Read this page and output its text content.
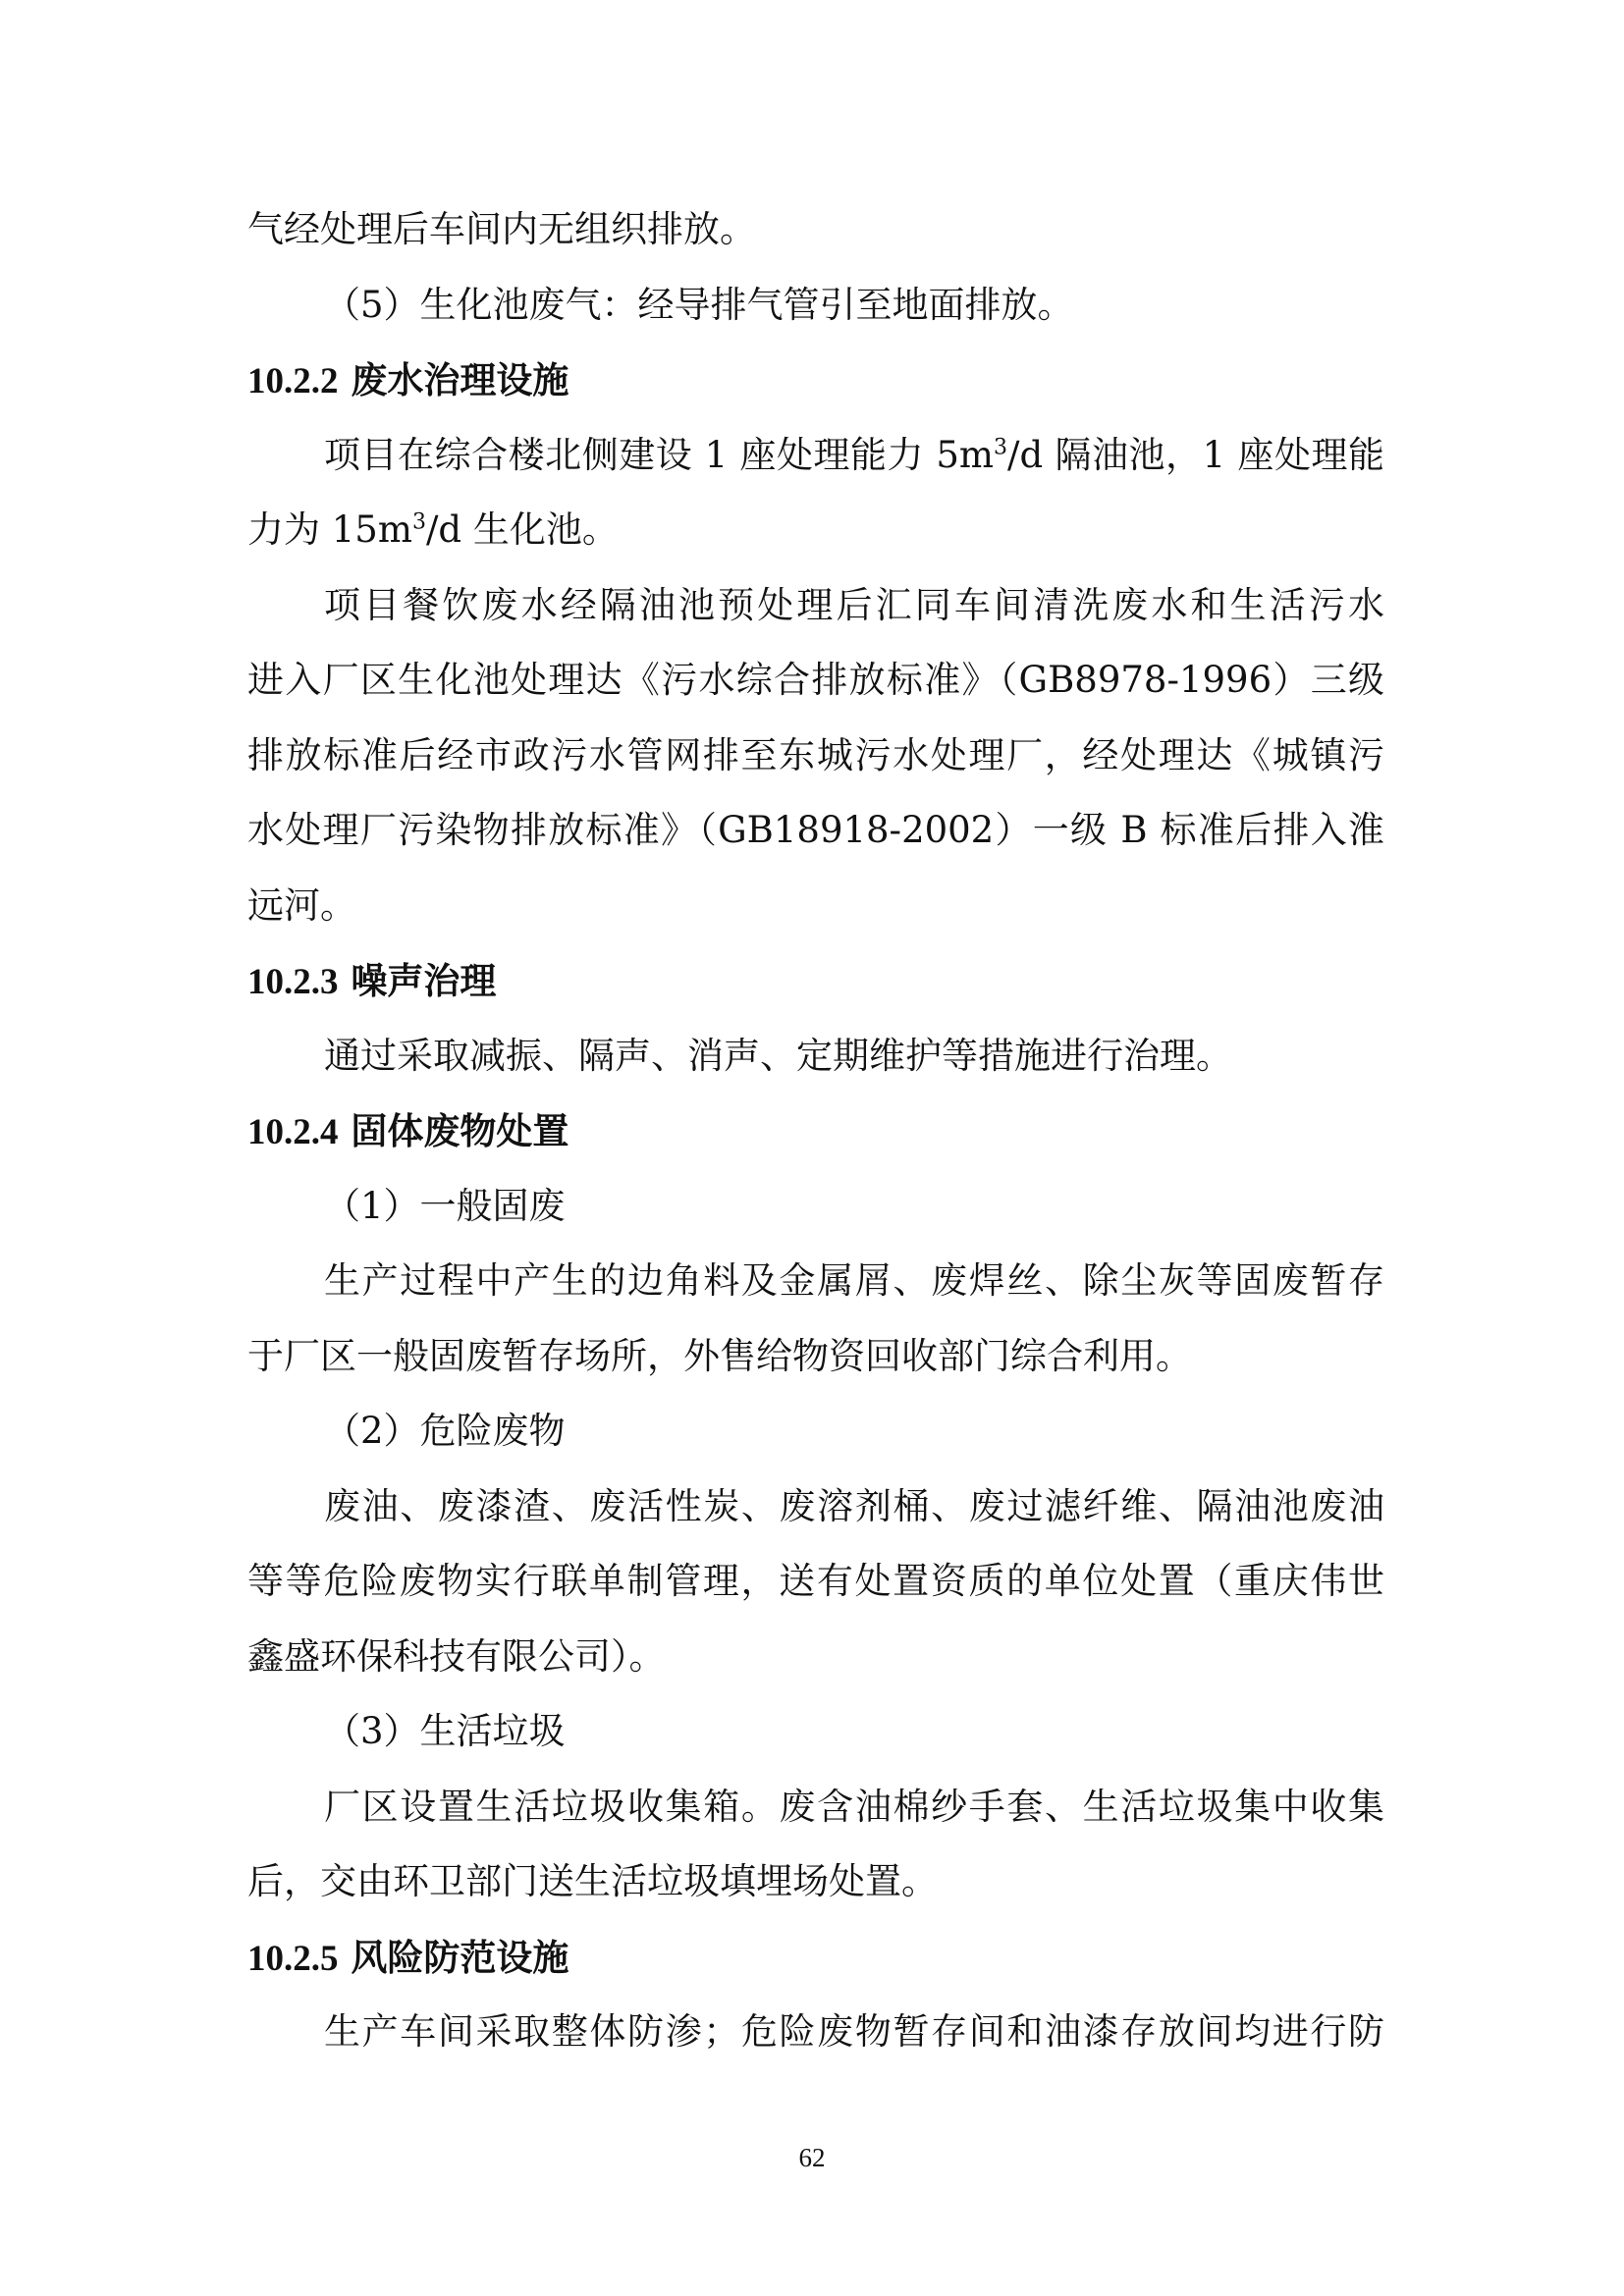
气经处理后车间内无组织排放。
（5）生化池废气：经导排气管引至地面排放。
10.2.2 废水治理设施
项目在综合楼北侧建设 1 座处理能力 $5m^3/d$ 隔油池，1 座处理能
力为 $15m^3/d$ 生化池。
项目餐饮废水经隔油池预处理后汇同车间清洗废水和生活污水
进入厂区生化池处理达《污水综合排放标准》（GB8978-1996）三级
排放标准后经市政污水管网排至东城污水处理厂，经处理达《城镇污
水处理厂污染物排放标准》（GB18918-2002）一级 B 标准后排入淮
远河。
10.2.3 噪声治理
通过采取减振、隔声、消声、定期维护等措施进行治理。
10.2.4 固体废物处置
（1）一般固废
生产过程中产生的边角料及金属屑、废焊丝、除尘灰等固废暂存
于厂区一般固废暂存场所，外售给物资回收部门综合利用。
（2）危险废物
废油、废漆渣、废活性炭、废溶剂桶、废过滤纤维、隔油池废油
等等危险废物实行联单制管理，送有处置资质的单位处置（重庆伟世
鑫盛环保科技有限公司）。
（3）生活垃圾
厂区设置生活垃圾收集箱。废含油棉纱手套、生活垃圾集中收集
后，交由环卫部门送生活垃圾填埋场处置。
10.2.5 风险防范设施
生产车间采取整体防渗；危险废物暂存间和油漆存放间均进行防
62
